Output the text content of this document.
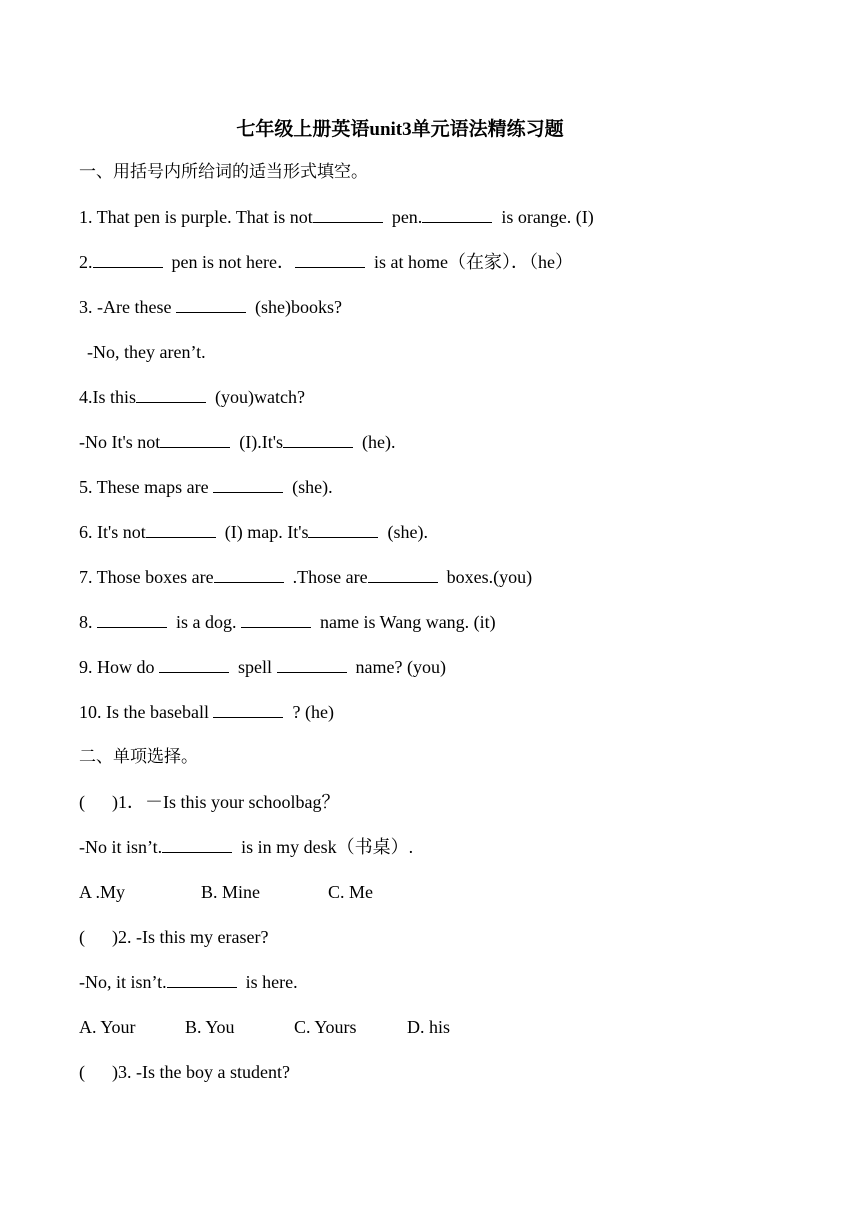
七年级上册英语unit3单元语法精练习题
一、用括号内所给词的适当形式填空。
1. That pen is purple. That is not	pen.	is orange. (I)
2.	pen is not here．	is at home（在家）．（he）
3. -Are these	(she)books?
-No, they aren’t.
4.Is this	(you)watch?
-No It's not	(I).It's	(he).
5. These maps are	(she).
6. It's not	(I) map. It's	(she).
7. Those boxes are	.Those are	boxes.(you)
8.	is a dog.	name is Wang wang. (it)
9. How do	spell	name? (you)
10. Is the baseball	? (he)
二、单项选择。
(      )1．－Is this your schoolbag？
-No it isn’t.	is in my desk（书桌）.
A .My	B. Mine	C. Me
(      )2. -Is this my eraser?
-No, it isn’t.	is here.
A. Your	B. You	C. Yours	D. his
(      )3. -Is the boy a student?
